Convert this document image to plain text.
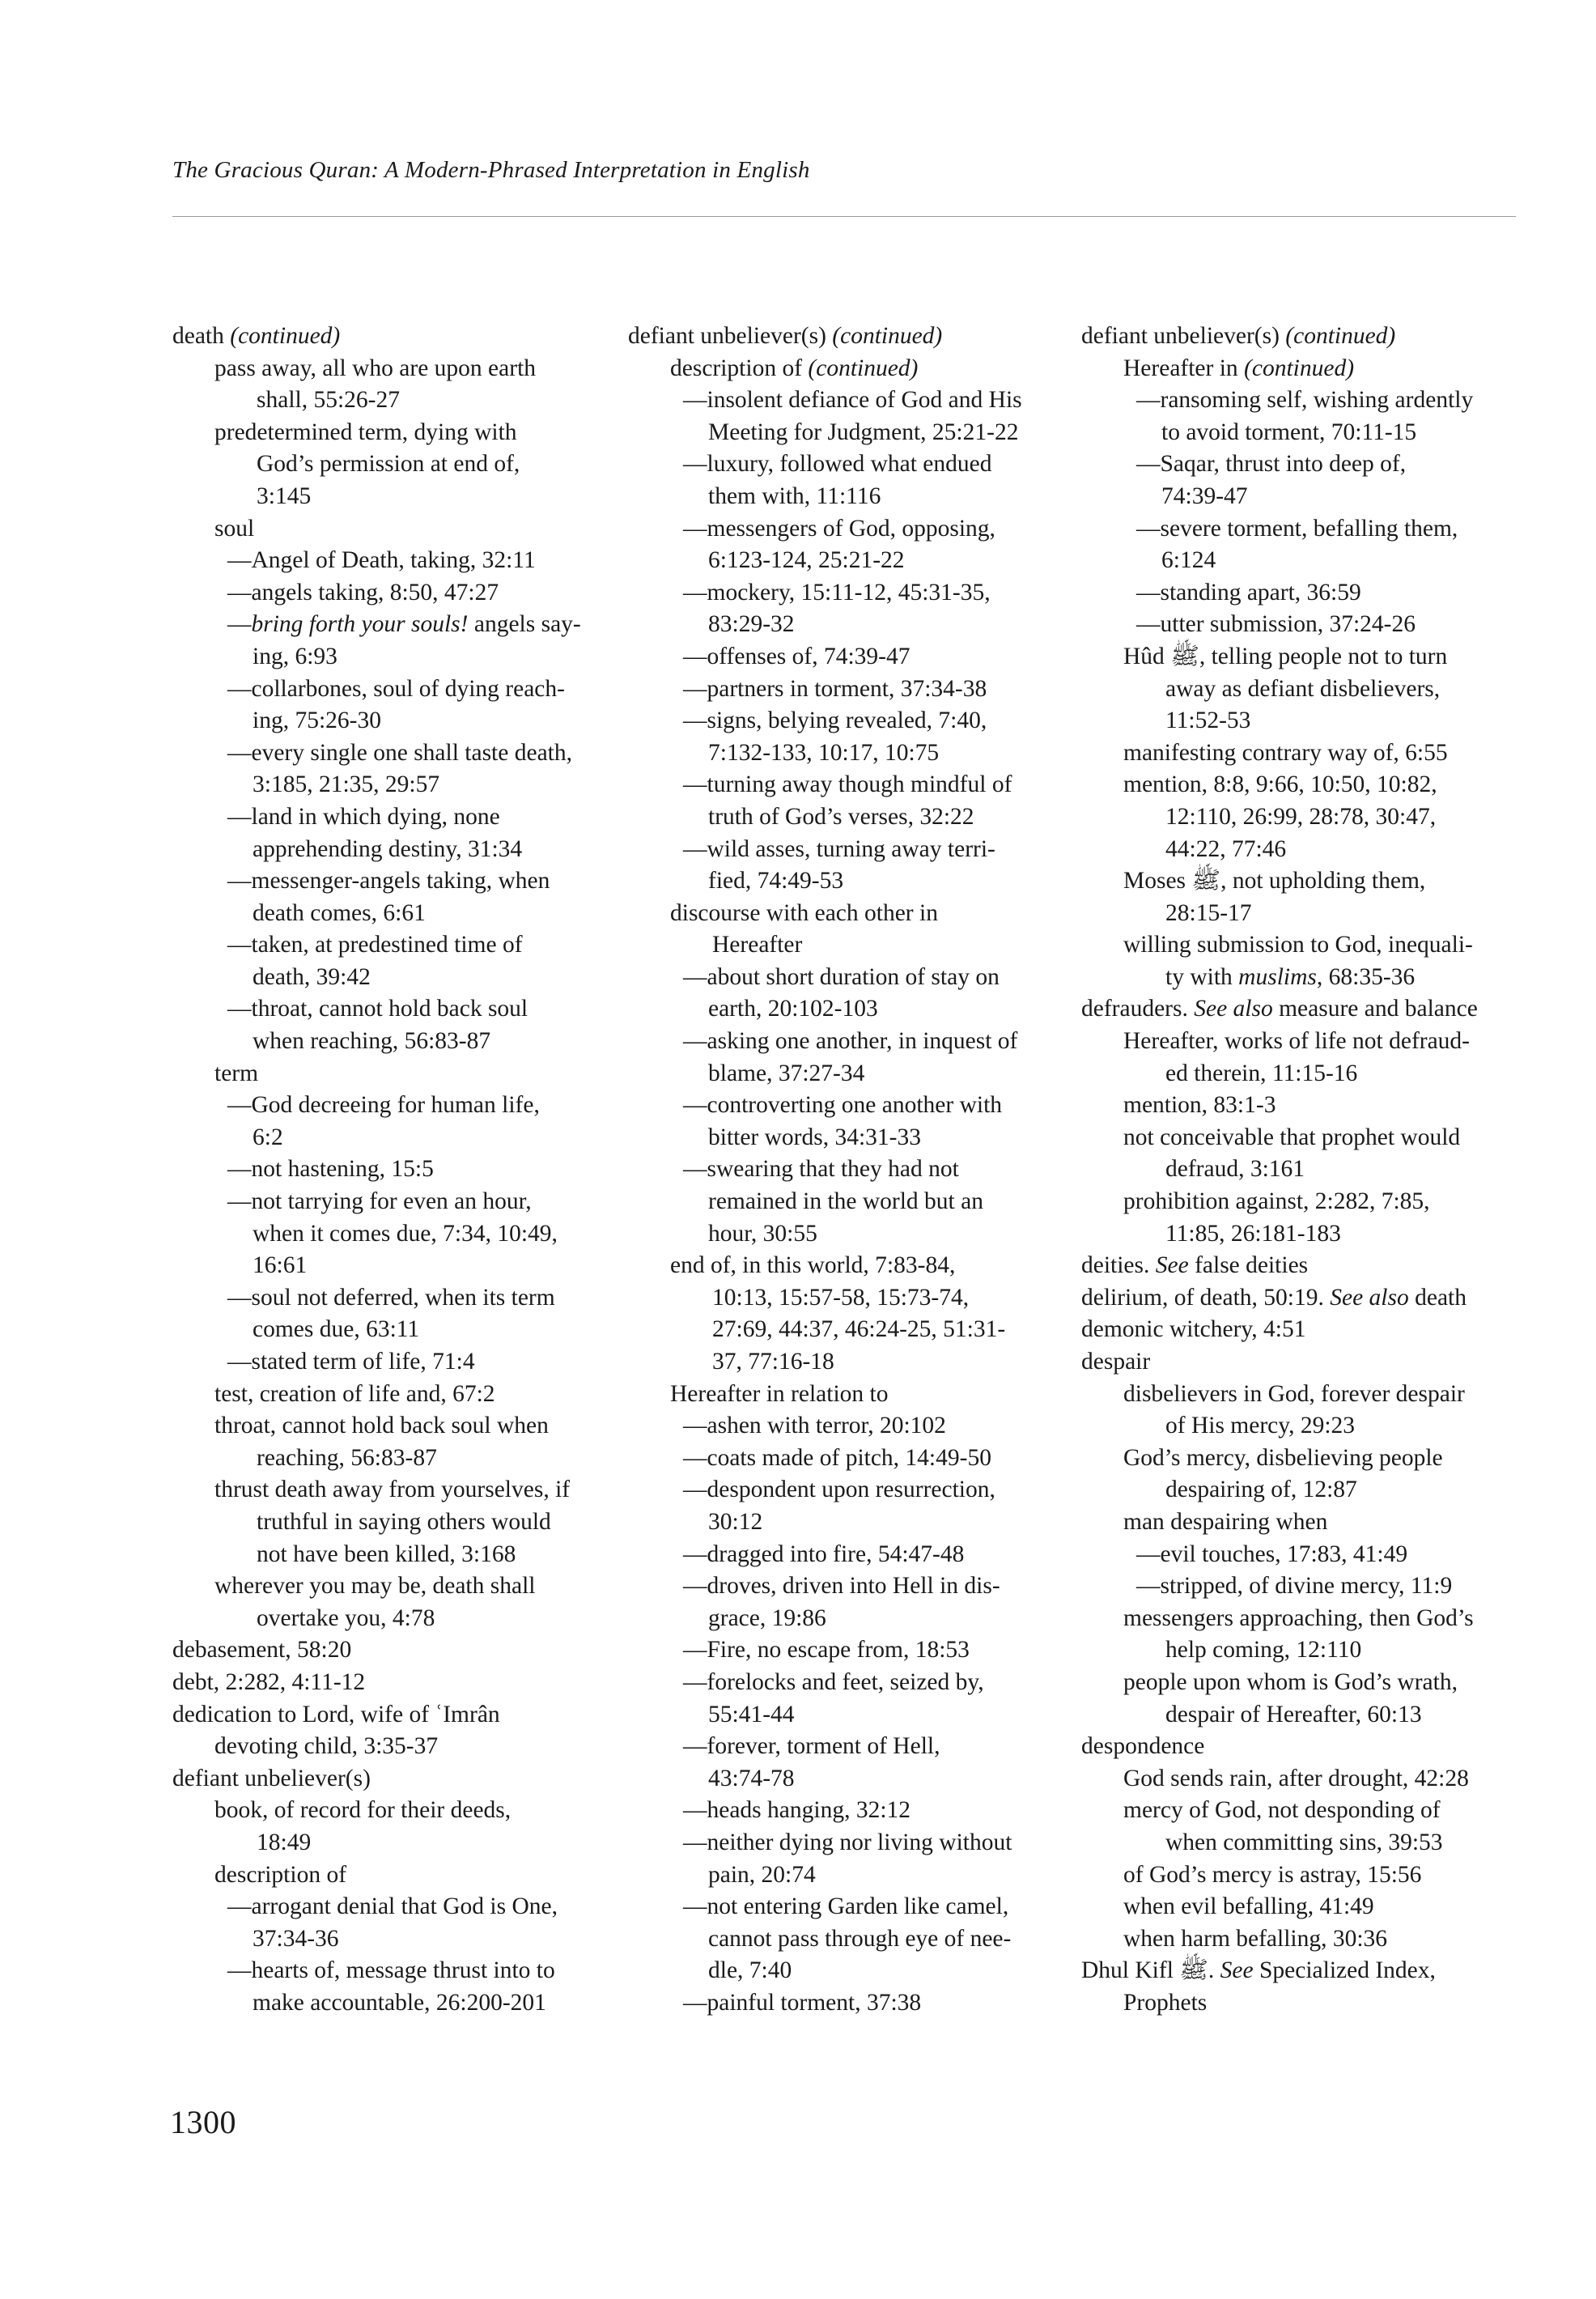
The Gracious Quran: A Modern-Phrased Interpretation in English
death (continued)
pass away, all who are upon earth
shall, 55:26-27
predetermined term, dying with
God’s permission at end of,
3:145
soul
—Angel of Death, taking, 32:11
—angels taking, 8:50, 47:27
—bring forth your souls! angels say-
ing, 6:93
—collarbones, soul of dying reach-
ing, 75:26-30
—every single one shall taste death,
3:185, 21:35, 29:57
—land in which dying, none
apprehending destiny, 31:34
—messenger-angels taking, when
death comes, 6:61
—taken, at predestined time of
death, 39:42
—throat, cannot hold back soul
when reaching, 56:83-87
term
—God decreeing for human life,
6:2
—not hastening, 15:5
—not tarrying for even an hour,
when it comes due, 7:34, 10:49,
16:61
—soul not deferred, when its term
comes due, 63:11
—stated term of life, 71:4
test, creation of life and, 67:2
throat, cannot hold back soul when
reaching, 56:83-87
thrust death away from yourselves, if
truthful in saying others would
not have been killed, 3:168
wherever you may be, death shall
overtake you, 4:78
debasement, 58:20
debt, 2:282, 4:11-12
dedication to Lord, wife of ʿImrân
devoting child, 3:35-37
defiant unbeliever(s)
book, of record for their deeds,
18:49
description of
—arrogant denial that God is One,
37:34-36
—hearts of, message thrust into to
make accountable, 26:200-201
defiant unbeliever(s) (continued)
description of (continued)
—insolent defiance of God and His
Meeting for Judgment, 25:21-22
—luxury, followed what endued
them with, 11:116
—messengers of God, opposing,
6:123-124, 25:21-22
—mockery, 15:11-12, 45:31-35,
83:29-32
—offenses of, 74:39-47
—partners in torment, 37:34-38
—signs, belying revealed, 7:40,
7:132-133, 10:17, 10:75
—turning away though mindful of
truth of God’s verses, 32:22
—wild asses, turning away terri-
fied, 74:49-53
discourse with each other in
Hereafter
—about short duration of stay on
earth, 20:102-103
—asking one another, in inquest of
blame, 37:27-34
—controverting one another with
bitter words, 34:31-33
—swearing that they had not
remained in the world but an
hour, 30:55
end of, in this world, 7:83-84,
10:13, 15:57-58, 15:73-74,
27:69, 44:37, 46:24-25, 51:31-
37, 77:16-18
Hereafter in relation to
—ashen with terror, 20:102
—coats made of pitch, 14:49-50
—despondent upon resurrection,
30:12
—dragged into fire, 54:47-48
—droves, driven into Hell in dis-
grace, 19:86
—Fire, no escape from, 18:53
—forelocks and feet, seized by,
55:41-44
—forever, torment of Hell,
43:74-78
—heads hanging, 32:12
—neither dying nor living without
pain, 20:74
—not entering Garden like camel,
cannot pass through eye of nee-
dle, 7:40
—painful torment, 37:38
defiant unbeliever(s) (continued)
Hereafter in (continued)
—ransoming self, wishing ardently
to avoid torment, 70:11-15
—Saqar, thrust into deep of,
74:39-47
—severe torment, befalling them,
6:124
—standing apart, 36:59
—utter submission, 37:24-26
Hûd ﷺ, telling people not to turn
away as defiant disbelievers,
11:52-53
manifesting contrary way of, 6:55
mention, 8:8, 9:66, 10:50, 10:82,
12:110, 26:99, 28:78, 30:47,
44:22, 77:46
Moses ﷺ, not upholding them,
28:15-17
willing submission to God, inequali-
ty with muslims, 68:35-36
defrauders. See also measure and balance
Hereafter, works of life not defraud-
ed therein, 11:15-16
mention, 83:1-3
not conceivable that prophet would
defraud, 3:161
prohibition against, 2:282, 7:85,
11:85, 26:181-183
deities. See false deities
delirium, of death, 50:19. See also death
demonic witchery, 4:51
despair
disbelievers in God, forever despair
of His mercy, 29:23
God’s mercy, disbelieving people
despairing of, 12:87
man despairing when
—evil touches, 17:83, 41:49
—stripped, of divine mercy, 11:9
messengers approaching, then God’s
help coming, 12:110
people upon whom is God’s wrath,
despair of Hereafter, 60:13
despondence
God sends rain, after drought, 42:28
mercy of God, not desponding of
when committing sins, 39:53
of God’s mercy is astray, 15:56
when evil befalling, 41:49
when harm befalling, 30:36
Dhul Kifl ﷺ. See Specialized Index,
Prophets
1300
